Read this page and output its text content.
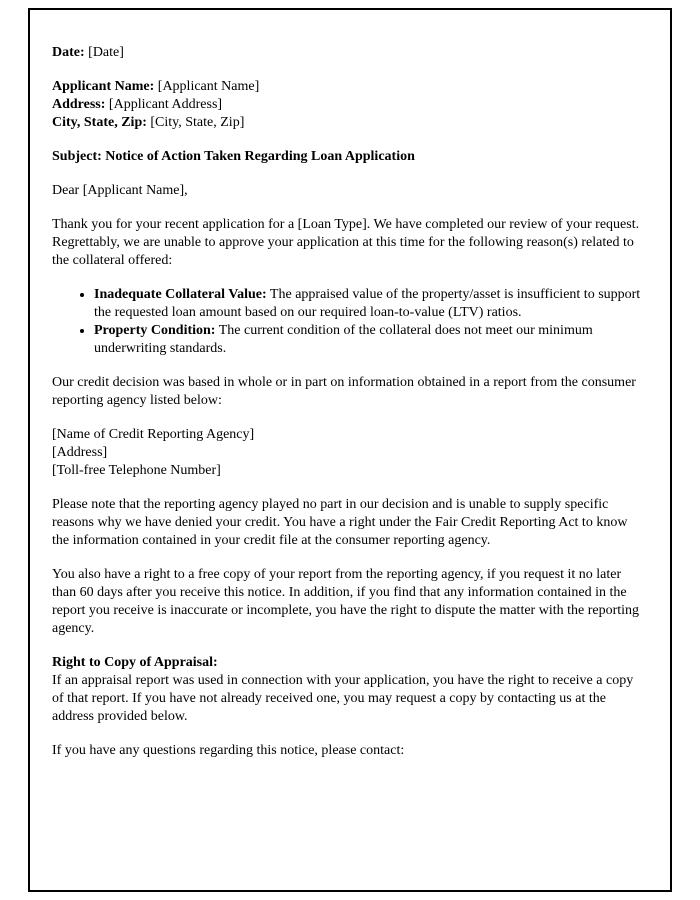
Date: [Date]

Applicant Name: [Applicant Name]

Address: [Applicant Address]

City, State, Zip: [City, State, Zip]

Subject: Notice of Action Taken Regarding Loan Application

Dear [Applicant Name],

Thank you for your recent application for a [Loan Type]. We have completed our review of your request. Regrettably, we are unable to approve your application at this time for the following reason(s) related to the collateral offered:

• Inadequate Collateral Value: The appraised value of the property/asset is insufficient to support the requested loan amount based on our required loan-to-value (LTV) ratios.
• Property Condition: The current condition of the collateral does not meet our minimum underwriting standards.

Our credit decision was based in whole or in part on information obtained in a report from the consumer reporting agency listed below:

[Name of Credit Reporting Agency]

[Address]

[Toll-free Telephone Number]

Please note that the reporting agency played no part in our decision and is unable to supply specific reasons why we have denied your credit. You have a right under the Fair Credit Reporting Act to know the information contained in your credit file at the consumer reporting agency.

You also have a right to a free copy of your report from the reporting agency, if you request it no later than 60 days after you receive this notice. In addition, if you find that any information contained in the report you receive is inaccurate or incomplete, you have the right to dispute the matter with the reporting agency.

Right to Copy of Appraisal:

If an appraisal report was used in connection with your application, you have the right to receive a copy of that report. If you have not already received one, you may request a copy by contacting us at the address provided below.

If you have any questions regarding this notice, please contact:
